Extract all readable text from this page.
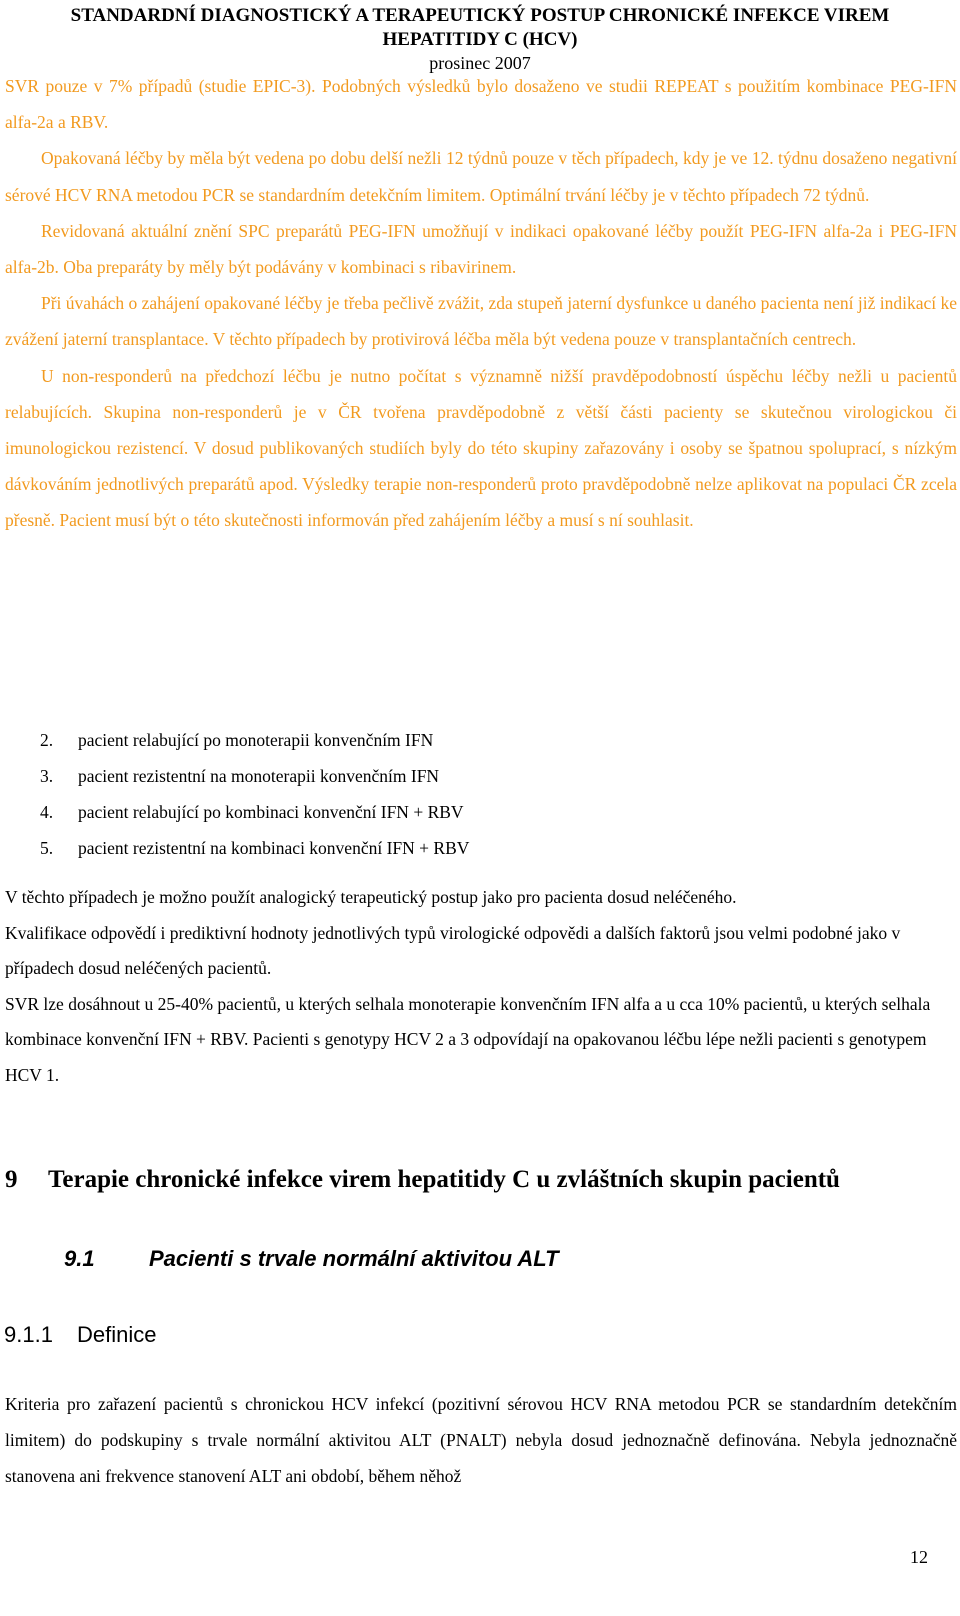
STANDARDNÍ DIAGNOSTICKÝ A TERAPEUTICKÝ POSTUP CHRONICKÉ INFEKCE VIREM
HEPATITIDY C (HCV)
prosinec 2007

SVR pouze v 7% případů (studie EPIC-3). Podobných výsledků bylo dosaženo ve studii REPEAT s použitím kombinace PEG-IFN alfa-2a a RBV.

Opakovaná léčby by měla být vedena po dobu delší nežli 12 týdnů pouze v těch případech, kdy je ve 12. týdnu dosaženo negativní sérové HCV RNA metodou PCR se standardním detekčním limitem. Optimální trvání léčby je v těchto případech 72 týdnů.

Revidovaná aktuální znění SPC preparátů PEG-IFN umožňují v indikaci opakované léčby použít PEG-IFN alfa-2a i PEG-IFN alfa-2b. Oba preparáty by měly být podávány v kombinaci s ribavirinem.

Při úvahách o zahájení opakované léčby je třeba pečlivě zvážit, zda stupeň jaterní dysfunkce u daného pacienta není již indikací ke zvážení jaterní transplantace. V těchto případech by protivirová léčba měla být vedena pouze v transplantačních centrech.

U non-responderů na předchozí léčbu je nutno počítat s významně nižší pravděpodobností úspěchu léčby nežli u pacientů relabujících. Skupina non-responderů je v ČR tvořena pravděpodobně z větší části pacienty se skutečnou virologickou či imunologickou rezistencí. V dosud publikovaných studiích byly do této skupiny zařazovány i osoby se špatnou spoluprací, s nízkým dávkováním jednotlivých preparátů apod. Výsledky terapie non-responderů proto pravděpodobně nelze aplikovat na populaci ČR zcela přesně. Pacient musí být o této skutečnosti informován před zahájením léčby a musí s ní souhlasit.

2.	pacient relabující po monoterapii konvenčním IFN
3.	pacient rezistentní na monoterapii konvenčním IFN
4.	pacient relabující po kombinaci konvenční IFN + RBV
5.	pacient rezistentní na kombinaci konvenční IFN + RBV

V těchto případech je možno použít analogický terapeutický postup jako pro pacienta dosud neléčeného.

Kvalifikace odpovědí i prediktivní hodnoty jednotlivých typů virologické odpovědi a dalších faktorů jsou velmi podobné jako v případech dosud neléčených pacientů.

SVR lze dosáhnout u 25-40% pacientů, u kterých selhala monoterapie konvenčním IFN alfa a u cca 10% pacientů, u kterých selhala kombinace konvenční IFN + RBV. Pacienti s genotypy HCV 2 a 3 odpovídají na opakovanou léčbu lépe nežli pacienti s genotypem HCV 1.

9	Terapie chronické infekce virem hepatitidy C u zvláštních skupin pacientů
9.1	Pacienti s trvale normální aktivitou ALT
9.1.1	Definice

Kriteria pro zařazení pacientů s chronickou HCV infekcí (pozitivní sérovou HCV RNA metodou PCR se standardním detekčním limitem) do podskupiny s trvale normální aktivitou ALT (PNALT) nebyla dosud jednoznačně definována. Nebyla jednoznačně stanovena ani frekvence stanovení ALT ani období, během něhož

12
